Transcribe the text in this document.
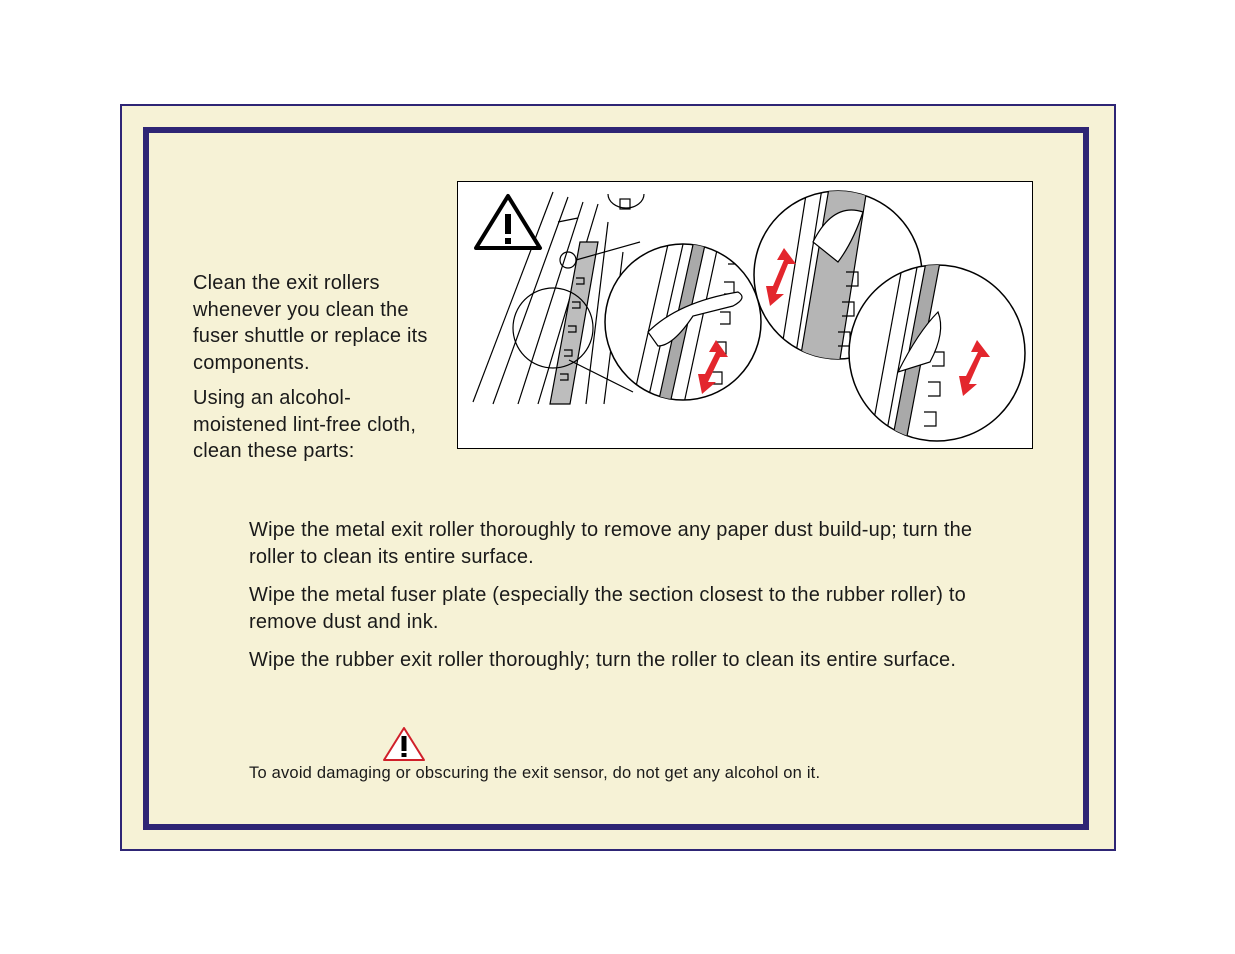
Clean the exit rollers whenever you clean the fuser shuttle or replace its components.

Using an alcohol-moistened lint-free cloth, clean these parts:

Wipe the metal exit roller thoroughly to remove any paper dust build-up; turn the roller to clean its entire surface.

Wipe the metal fuser plate (especially the section closest to the rubber roller) to remove dust and ink.

Wipe the rubber exit roller thoroughly; turn the roller to clean its entire surface.

To avoid damaging or obscuring the exit sensor, do not get any alcohol on it.
